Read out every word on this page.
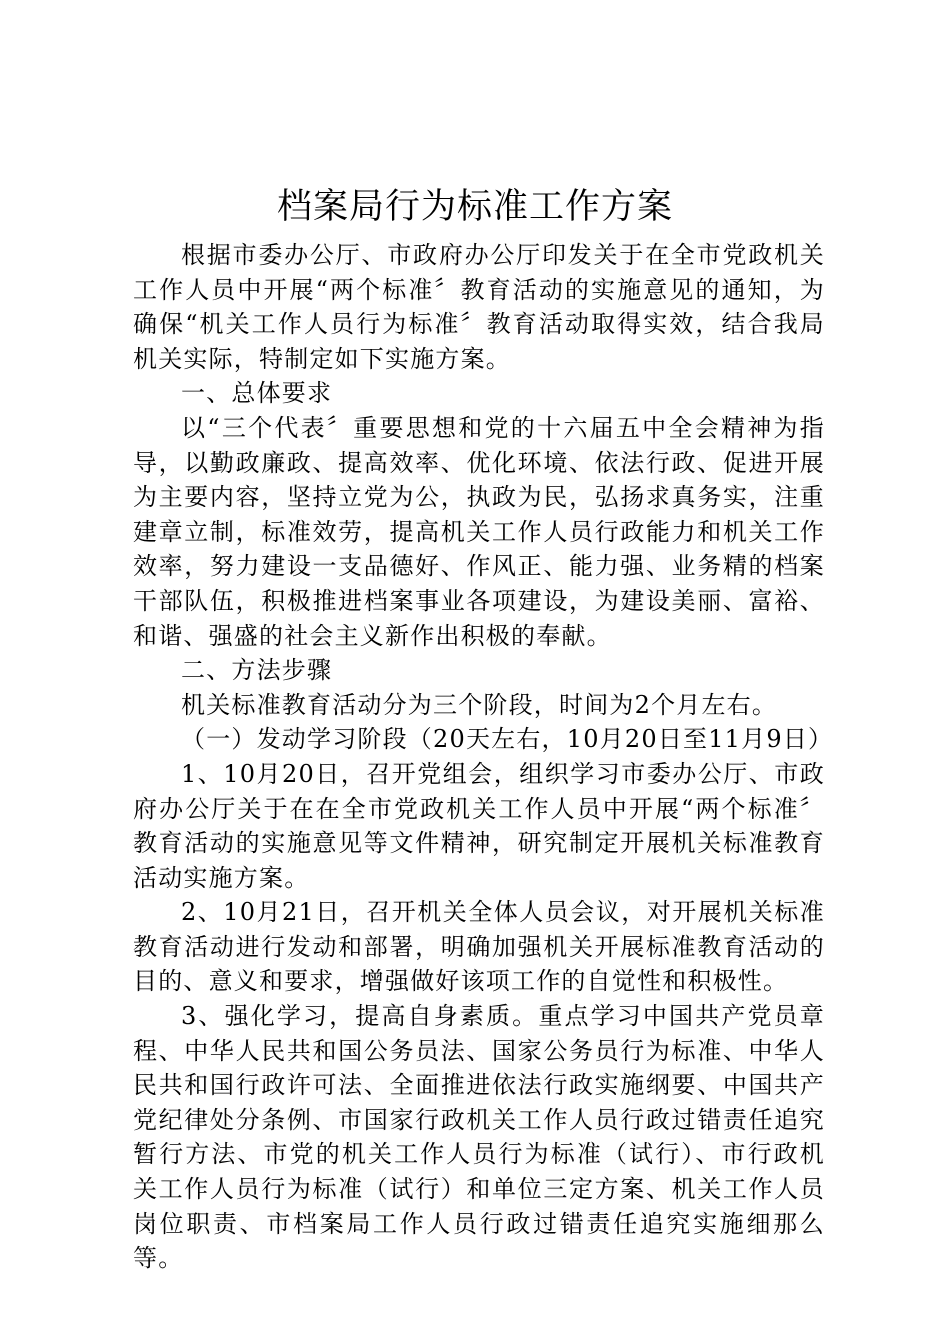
档案局行为标准工作方案

根据市委办公厅、市政府办公厅印发关于在全市党政机关工作人员中开展“两个标准〞教育活动的实施意见的通知，为确保“机关工作人员行为标准〞教育活动取得实效，结合我局机关实际，特制定如下实施方案。

一、总体要求

以“三个代表〞重要思想和党的十六届五中全会精神为指导，以勤政廉政、提高效率、优化环境、依法行政、促进开展为主要内容，坚持立党为公，执政为民，弘扬求真务实，注重建章立制，标准效劳，提高机关工作人员行政能力和机关工作效率，努力建设一支品德好、作风正、能力强、业务精的档案干部队伍，积极推进档案事业各项建设，为建设美丽、富裕、和谐、强盛的社会主义新作出积极的奉献。

二、方法步骤

机关标准教育活动分为三个阶段，时间为2个月左右。

（一）发动学习阶段（20天左右，10月20日至11月9日）

1、10月20日，召开党组会，组织学习市委办公厅、市政府办公厅关于在在全市党政机关工作人员中开展“两个标准〞教育活动的实施意见等文件精神，研究制定开展机关标准教育活动实施方案。

2、10月21日，召开机关全体人员会议，对开展机关标准教育活动进行发动和部署，明确加强机关开展标准教育活动的目的、意义和要求，增强做好该项工作的自觉性和积极性。

3、强化学习，提高自身素质。重点学习中国共产党员章程、中华人民共和国公务员法、国家公务员行为标准、中华人民共和国行政许可法、全面推进依法行政实施纲要、中国共产党纪律处分条例、市国家行政机关工作人员行政过错责任追究暂行方法、市党的机关工作人员行为标准（试行）、市行政机关工作人员行为标准（试行）和单位三定方案、机关工作人员岗位职责、市档案局工作人员行政过错责任追究实施细那么等。
